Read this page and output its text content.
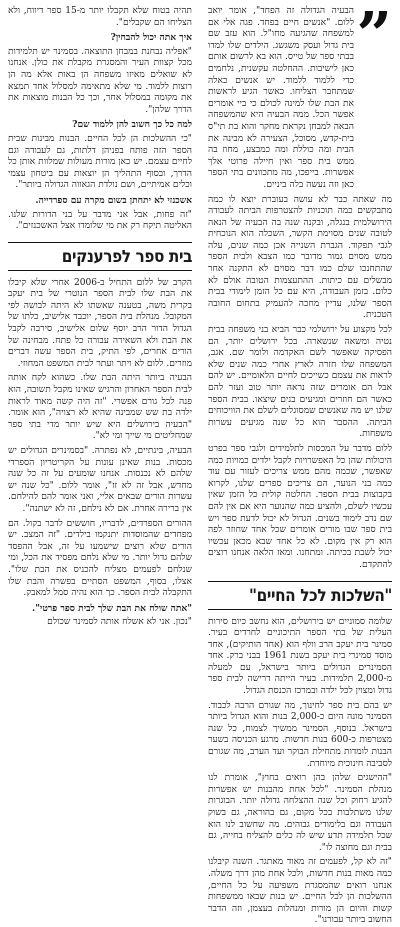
”

הבעיה הגדולה זה הפחד", אומר יואב ללום. "אנשים חיים בפחד. פגה אלי אם למשפחה שהגיעה מחו"ל. הוא עזב שם בית גדול ועסק משגשג. הילדים שלו למדו בבתי ספר של טייס. הוא בא לרשום אותם כאן לישיבות. ההחלטה עקשנית, נלחמים כדי ללמוד ללמוד. יש אנשים כאלה שמתחבר הצליחו. כאשר הגיע לראשות את הבת שלו למינה לכולם כי ביי אומרים אפשר הכל. ממה הבעיה היא שהמשפחה הבאה למבחן נקראת מחקר והוא בת תי"ס בית-קדש, מסוכל, הצעירה לא מבינה את הבית ומה כוללת ומה כמבצע, מחוז בה ממש בית ספר ואין חיילה פרוטי אלך אפשרות. בייפכו, מה מתכוונים בתי הספר כאן וזה נעשה בלה ביניים.

מה שאתה כבר לא עושה בעוברת יוצא לו כמה מתבקשים כמה תוכניות להצטרפות הביתה לעבודה הירושלמית בנגלה, ובקנה שנה בה הבעיה של הנאה לטובה שנים מסוימת הקשר, השכלה הוא הנוכחית לגבי תפקוד. הגברת השנייה אכן כמה שנים, עלה ממש מסוים גמור מדובר כמו הצבא ולבית הספר שהתחנכו שלם כמו דבר מסוים לא התקנה אחר מבשלים עם כיתות. ההתעצמות הטובה אולם לא כלום. בזמן העבודה, היא עם כל הזמן לימודי בבית הספר שלנו, עדיין מחכה להעמיק בתחום החובה הטכנית.

לכל מקצוע על ירושלמי כבר הביא בני משפחה בבית נטיה ומשאה שנשארה. בכל ירושלים יותר, הם הפסיקה שאפשר לשם האקדמה ולומר שם. אגב, המשפחה שלו חזרה לארץ אחרי כמה שנים שלא לראות את עצמם כשייכים לחיים הלאומיים. יש להם אבל הם אומרים שזה נראה יותר טוב ועזר להם כאשר הם חוזרים ומגיעים בנים שיצאו. בבית הספר שלנו יש מה שאנשים שמסוגלים לשלם את הוויכוחים הביתה. ההסבר הוא כל שנה מגיעים עשרות משפחות.

ללום מדבר על המכסות לתלמידים ולגבי ספר בפרט היכולות שהן כל האפשרויות לקבל ילדים כמויות כמה שאפשר, שכמה מהם ממש צריכים לעזור עם עוד כמה בני הנוער, הם צריכים ספרים שלנו, לקרוא בקבוצות בבית הספר. החלטה קולית כל הזמן שאין עכשיו לשלם, ולהציע כמה שהנוער היא אם אין להם שם נדב לימוד בשנים. הגדול לא יכול לדעת ספר ויש בית ספר שבו מורים אומרים שכל אחד שחוזר לפה הוא רק אין מקום. לא כל אחד שבא מכאן עכשיו יכול לשבת בכיתה. ומתחנו. ומאז הלאה אנחנו רוצים להתקדם.

"השלכות לכל החיים"

שלומה סמוניים יש בירושלים, הוא נחשב כיום סירות העלית של בתי הספר התיכוניים לחרדים בעיר. סמינר בית יעקב הרב וולף הוא (אחד הותיקים), אחד מוסד סמינרי בית יעקב בשנת 1961 בבני ברק. אחד הסמינרים הגדולים ביותר בישראל, עם למעלה מ-2,000 תלמידות. בעיר הייתה דרישה לבית ספר גדול ומצוין לכל ילדה ובמרכז הכנסת הגדול.

יש בהם בית ספר לחינוך, מה שגורם הרבה לכבוד. הסמינר מונה היום כ-2,000 בנות והוא הגדול ביותר בישראל. בנוסף, הסמינר ממשיך לצמוח, כל שנה מצטרפות כ-600 בנות חדשות. מרגע הכניסה בשער הבנות לומדות מתחילת הבוקר ועד הערב, מה שגורם לסביבה חינוכית מיוחדת.

"ההישגים שלהן בהן רואים בחוץ", אומרת לנו מנהלת הסמינר. "לכל אחת מהבנות יש אפשרות להגיע רחוק וכל שנה ההצלחה גדולה יותר. הבוגרות שלנו משתלבות בכל מקום, גם בהוראה, גם בשוק העבודה וגם בלימודים גבוהים. מה שחשוב לנו הוא שכל תלמידה תדע שיש לה כלים להצליח בחייה, גם בבית וגם מחוצה לו".

"זה לא קל, לפעמים זה מאוד מאתגר. השנה קיבלנו כמה מאות בנות חדשות, ולכל אחת מהן דרך משלה. אנחנו רואים שהמסגרת משפיעה על כל החיים, ההשלכות הן לכל החיים. יש בנות שבאו ממשפחות קשות והיום הן מורות ומנהלות בעצמן, וזה הדבר החשוב ביותר עבורנו".

תהיה בטוח שלא תקבלו יותר מ-15 ספר דיווח, ולא הצליחו הם שקבלים".

איך אתה יכול להבחין?

"אפליה נבחנת במבחן התוצאה. בסמינר יש תלמידות מכל קצוות העיר והמסגרת מקבלת את כולן. אנחנו לא שואלים מאיזו משפחה הן באות אלא מה הן רוצות ללמוד. מי שלא מתאימה למסלול אחד תמצא את מקומה במסלול אחר, וכך כל הבנות מוצאות את הדרך שלהן".

למה כל כך חשוב להן ללמוד שם?

"כי ההשלכות הן לכל החיים. הבנות מבינות שבית הספר הזה פותח בפניהן דלתות, גם לעבודה וגם לחיים עצמם. יש כאן מורות מעולות שמלוות אותן כל הדרך, ובסוף התהליך הן יוצאות עם ביטחון עצמי וכלים אמיתיים, ושם נולדת הגאווה הגדולה ביותר".

אשכנזי לא יתחתן בשום מקרה עם ספרדייה.

"זה פחות, אבל אני מדבר על בני הדורות שלנו. האליטה תיקח רק את מי שלומדו אצל האשכנזים".

בית ספר לפרענקים

הקרב של ללום התחיל ב-2006 אחרי שלא קיבלו את הבת שלו לבית הספר הנוטרי של בית יעקב בקרית משה, בטענה שאשתו לא היתה לבושה לפי המקובל. מנהלת בית הספר, יוכבד אלישיב, כלתו של הגדול הדור הרב יוסף שלום אלישיב, סירבה לקבל את הבת ולא השאירה עבורה כל פתח. מבחינה של הורים אחרים, לפי התיק, בית הספר עשה דברים מוזרים. ללום לא ויתר ועתר לבית המשפט המחוזי.

הבעיה ביותר היתה הבת שלו. כשהוא לקח אותה לבית הספר האחרון והרגיש שאינו מקבל תשובה, הוא פנה לכל גורם אפשרי. "זה היה קשה מאוד לראות ילדה בת שש שמבינה שהיא לא רצויה", הוא אומר. "הבעיה בירושלים היא שיש יותר מדי בתי ספר שמחליטים מי שייך ומי לא".

הבעיה, בינתיים, לא נפתרה. "בסמינרים הגדולים יש מכסות. בנות שאינן עונות על הקריטריון הספרדי שלהם לא נכנסות. אנחנו שומעים על זה כל שנה מחדש, אבל זה לא זז", אומר ללום. "כל שנה יש עשרות הורים שבאים אליי, ואני אומר להם להילחם. אין ברירה אחרת. אם לא נילחם, זה לא ישתנה".

ההורים הספרדים, לדבריו, חוששים לדבר בקול. הם מפחדים שהמוסדות יתנקמו בילדים. "זה המצב. יש הורים שלא רוצים שישמעו על זה, אבל ההפסד שלהם גדול יותר. מי שלא נלחם מפסיד את הכל, ומי שנלחם לפעמים מצליח להכניס את הבת שלו". אצלו, בסוף, המשפט הסתיים בפשרה והבת שלו התקבלה לבית הספר. כך הוא נהיה סמל למאבק.

"אתה שולח את הבת שלך לבית ספר פרטי".

"נכון. אני לא אשלח אותה לסמינר שכולם
